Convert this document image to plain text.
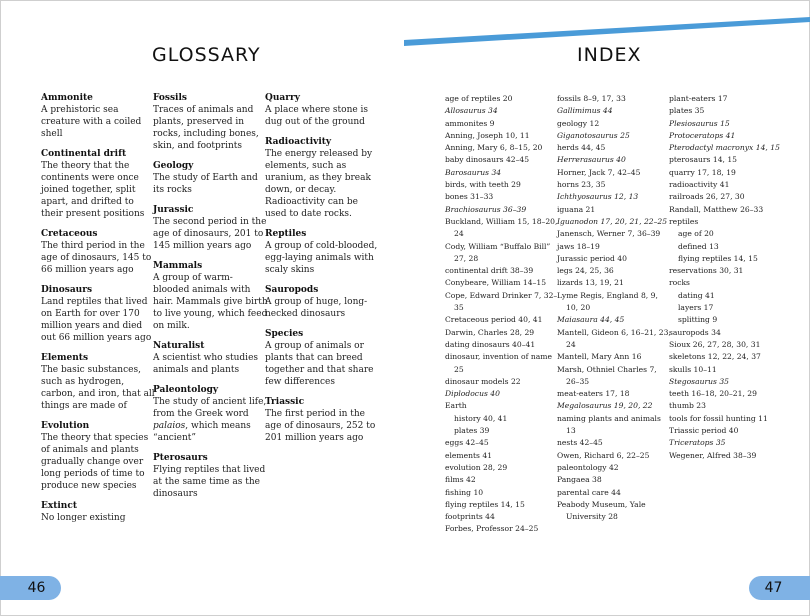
GLOSSARY	INDEX
Ammonite
A prehistoric sea creature with a coiled shell
Continental drift
The theory that the continents were once joined together, split apart, and drifted to their present positions
Cretaceous
The third period in the age of dinosaurs, 145 to 66 million years ago
Dinosaurs
Land reptiles that lived on Earth for over 170 million years and died out 66 million years ago
Elements
The basic substances, such as hydrogen, carbon, and iron, that all things are made of
Evolution
The theory that species of animals and plants gradually change over long periods of time to produce new species
Extinct
No longer existing
Fossils
Traces of animals and plants, preserved in rocks, including bones, skin, and footprints
Geology
The study of Earth and its rocks
Jurassic
The second period in the age of dinosaurs, 201 to 145 million years ago
Mammals
A group of warm-blooded animals with hair. Mammals give birth to live young, which feed on milk.
Naturalist
A scientist who studies animals and plants
Paleontology
The study of ancient life, from the Greek word palaios, which means “ancient”
Pterosaurs
Flying reptiles that lived at the same time as the dinosaurs
Quarry
A place where stone is dug out of the ground
Radioactivity
The energy released by elements, such as uranium, as they break down, or decay. Radioactivity can be used to date rocks.
Reptiles
A group of cold-blooded, egg-laying animals with scaly skins
Sauropods
A group of huge, long-necked dinosaurs
Species
A group of animals or plants that can breed together and that share few differences
Triassic
The first period in the age of dinosaurs, 252 to 201 million years ago
age of reptiles 20
Allosaurus 34
ammonites 9
Anning, Joseph 10, 11
Anning, Mary 6, 8–15, 20
baby dinosaurs 42–45
Barosaurus 34
birds, with teeth 29
bones 31–33
Brachiosaurus 36–39
Buckland, William 15, 18–20, 24
Cody, William “Buffalo Bill” 27, 28
continental drift 38–39
Conybeare, William 14–15
Cope, Edward Drinker 7, 32–35
Cretaceous period 40, 41
Darwin, Charles 28, 29
dating dinosaurs 40–41
dinosaur, invention of name 25
dinosaur models 22
Diplodocus 40
Earth
history 40, 41
plates 39
eggs 42–45
elements 41
evolution 28, 29
films 42
fishing 10
flying reptiles 14, 15
footprints 44
Forbes, Professor 24–25
fossils 8–9, 17, 33
Gallimimus 44
geology 12
Giganotosaurus 25
herds 44, 45
Herrerasaurus 40
Horner, Jack 7, 42–45
horns 23, 35
Ichthyosaurus 12, 13
iguana 21
Iguanodon 17, 20, 21, 22–25
Janensch, Werner 7, 36–39
jaws 18–19
Jurassic period 40
legs 24, 25, 36
lizards 13, 19, 21
Lyme Regis, England 8, 9, 10, 20
Maiasaura 44, 45
Mantell, Gideon 6, 16–21, 23, 24
Mantell, Mary Ann 16
Marsh, Othniel Charles 7, 26–35
meat-eaters 17, 18
Megalosaurus 19, 20, 22
naming plants and animals 13
nests 42–45
Owen, Richard 6, 22–25
paleontology 42
Pangaea 38
parental care 44
Peabody Museum, Yale University 28
plant-eaters 17
plates 35
Plesiosaurus 15
Protoceratops 41
Pterodactyl macronyx 14, 15
pterosaurs 14, 15
quarry 17, 18, 19
radioactivity 41
railroads 26, 27, 30
Randall, Matthew 26–33
reptiles
age of 20
defined 13
flying reptiles 14, 15
reservations 30, 31
rocks
dating 41
layers 17
splitting 9
sauropods 34
Sioux 26, 27, 28, 30, 31
skeletons 12, 22, 24, 37
skulls 10–11
Stegosaurus 35
teeth 16–18, 20–21, 29
thumb 23
tools for fossil hunting 11
Triassic period 40
Triceratops 35
Wegener, Alfred 38–39
46	47
